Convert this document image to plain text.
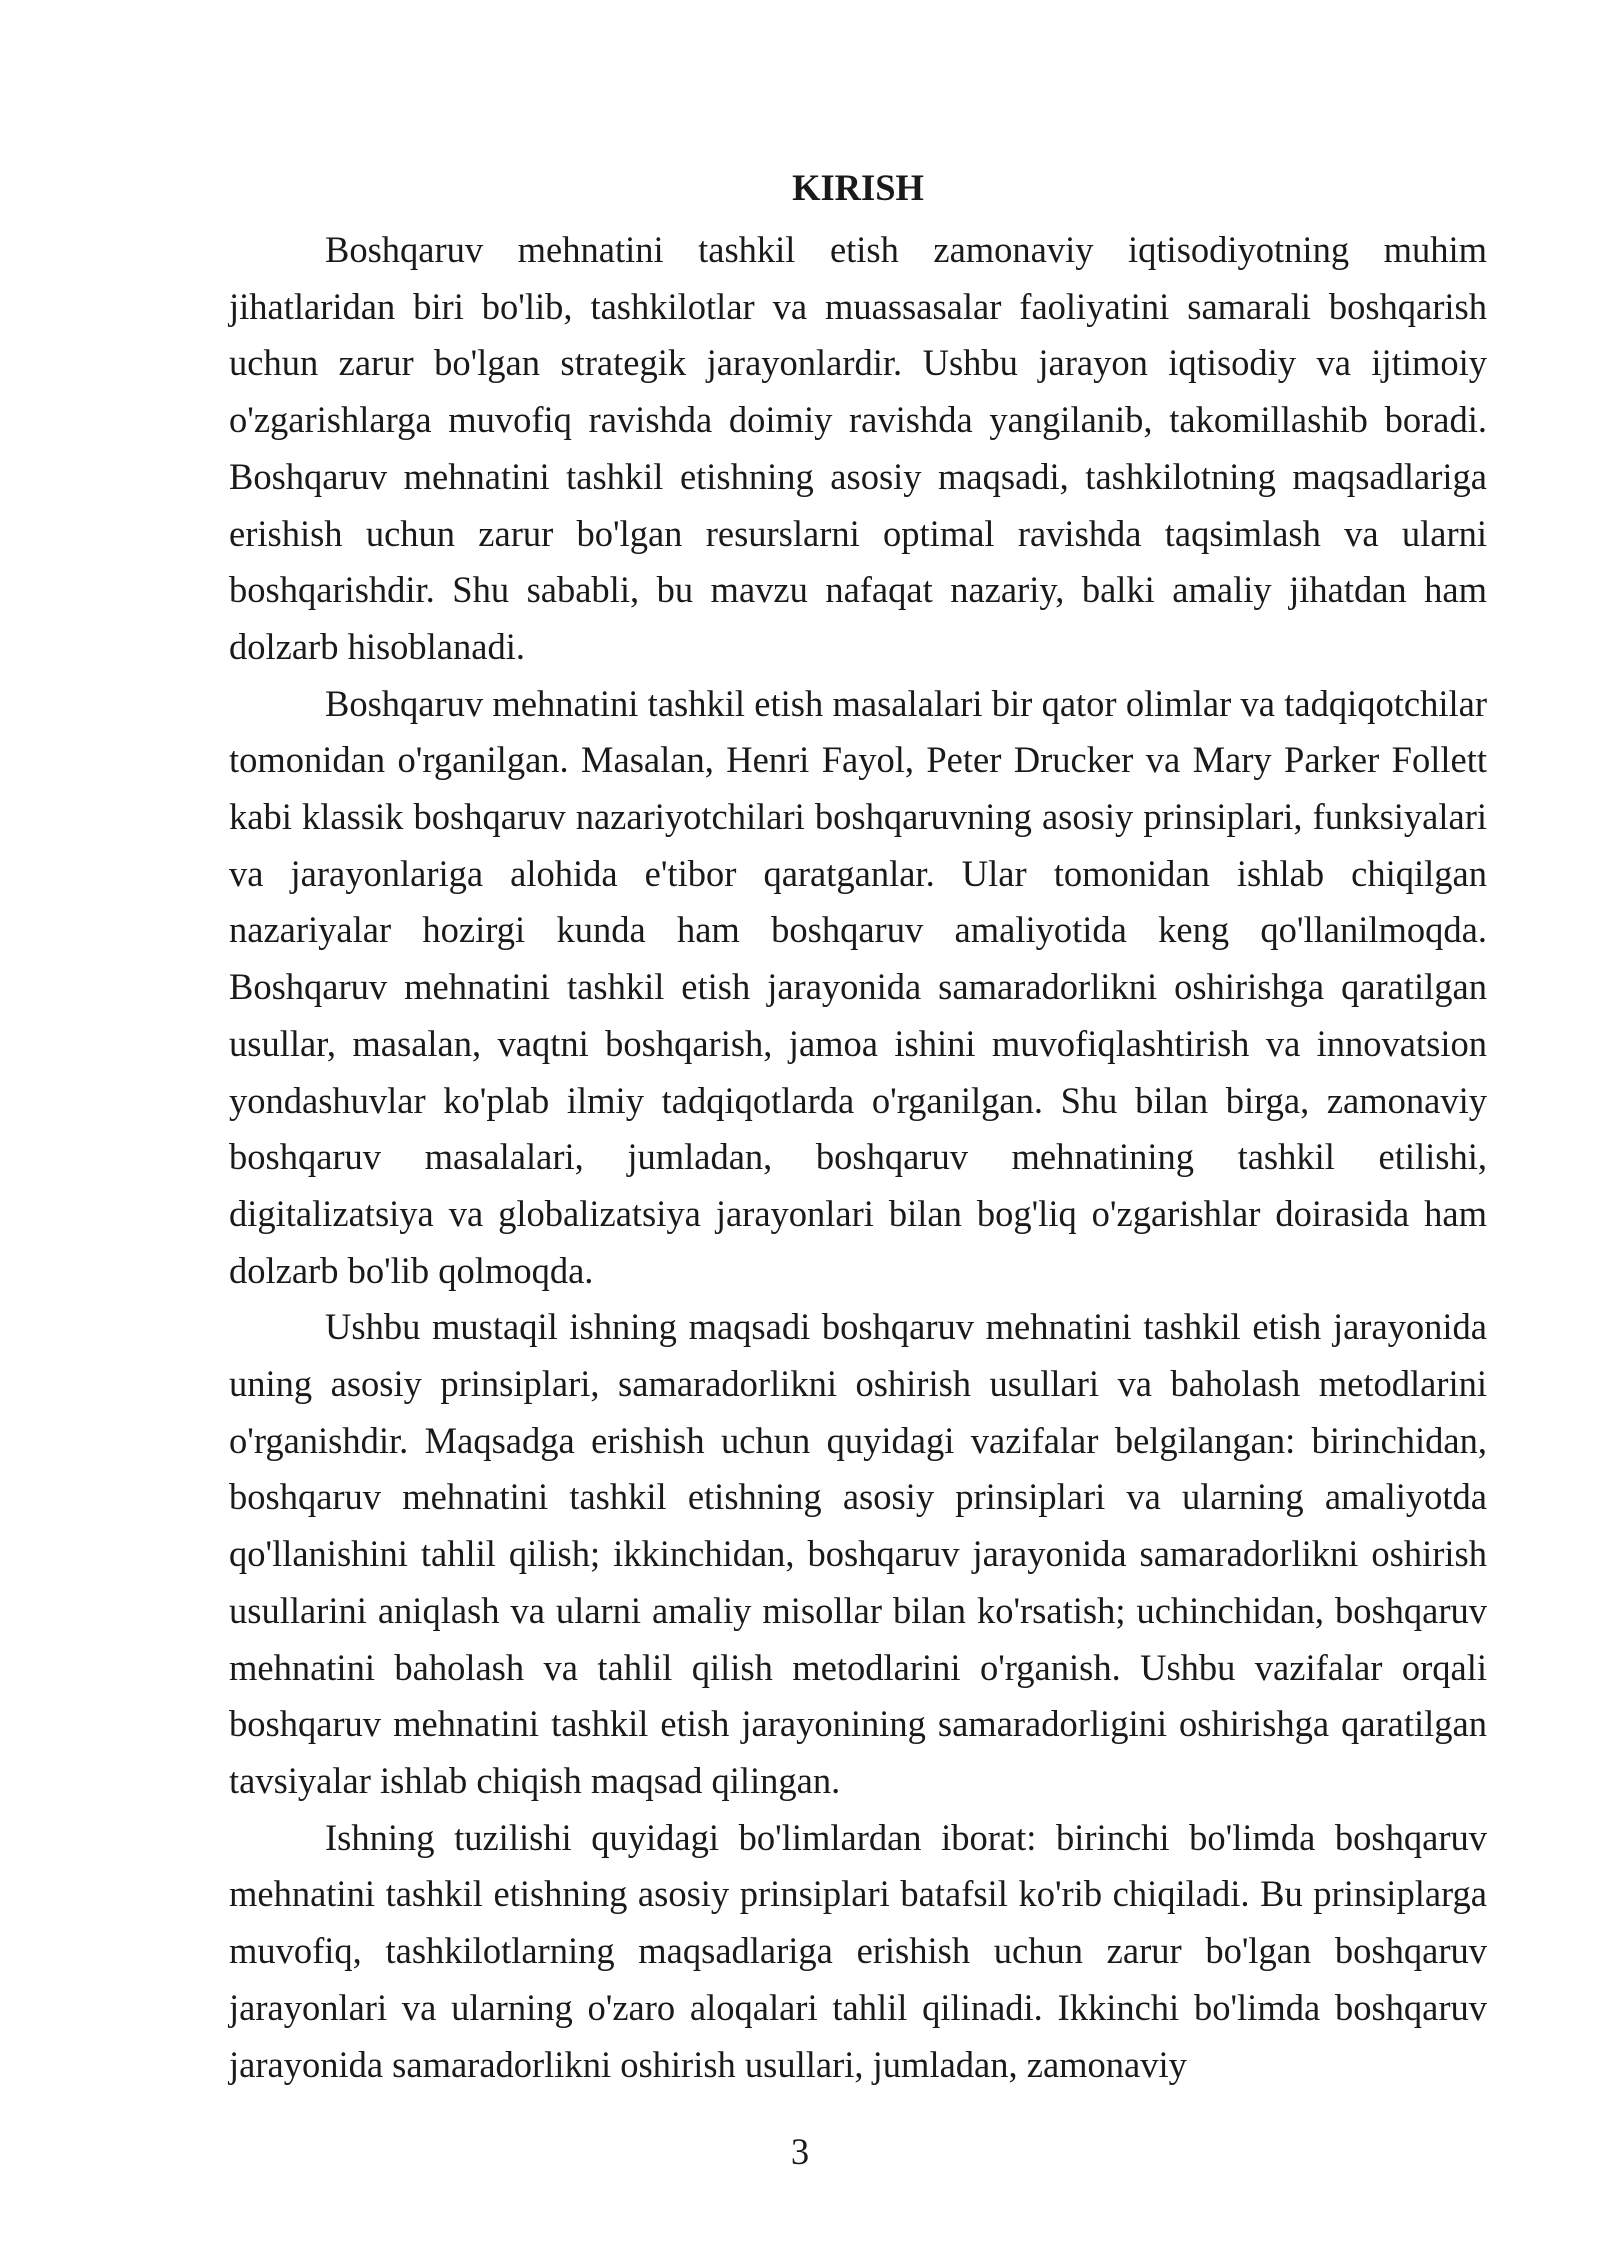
KIRISH

Boshqaruv mehnatini tashkil etish zamonaviy iqtisodiyotning muhim jihatlaridan biri bo'lib, tashkilotlar va muassasalar faoliyatini samarali boshqarish uchun zarur bo'lgan strategik jarayonlardir. Ushbu jarayon iqtisodiy va ijtimoiy o'zgarishlarga muvofiq ravishda doimiy ravishda yangilanib, takomillashib boradi. Boshqaruv mehnatini tashkil etishning asosiy maqsadi, tashkilotning maqsadlariga erishish uchun zarur bo'lgan resurslarni optimal ravishda taqsimlash va ularni boshqarishdir. Shu sababli, bu mavzu nafaqat nazariy, balki amaliy jihatdan ham dolzarb hisoblanadi.

Boshqaruv mehnatini tashkil etish masalalari bir qator olimlar va tadqiqotchilar tomonidan o'rganilgan. Masalan, Henri Fayol, Peter Drucker va Mary Parker Follett kabi klassik boshqaruv nazariyotchilari boshqaruvning asosiy prinsiplari, funksiyalari va jarayonlariga alohida e'tibor qaratganlar. Ular tomonidan ishlab chiqilgan nazariyalar hozirgi kunda ham boshqaruv amaliyotida keng qo'llanilmoqda. Boshqaruv mehnatini tashkil etish jarayonida samaradorlikni oshirishga qaratilgan usullar, masalan, vaqtni boshqarish, jamoa ishini muvofiqlashtirish va innovatsion yondashuvlar ko'plab ilmiy tadqiqotlarda o'rganilgan. Shu bilan birga, zamonaviy boshqaruv masalalari, jumladan, boshqaruv mehnatining tashkil etilishi, digitalizatsiya va globalizatsiya jarayonlari bilan bog'liq o'zgarishlar doirasida ham dolzarb bo'lib qolmoqda.

Ushbu mustaqil ishning maqsadi boshqaruv mehnatini tashkil etish jarayonida uning asosiy prinsiplari, samaradorlikni oshirish usullari va baholash metodlarini o'rganishdir. Maqsadga erishish uchun quyidagi vazifalar belgilangan: birinchidan, boshqaruv mehnatini tashkil etishning asosiy prinsiplari va ularning amaliyotda qo'llanishini tahlil qilish; ikkinchidan, boshqaruv jarayonida samaradorlikni oshirish usullarini aniqlash va ularni amaliy misollar bilan ko'rsatish; uchinchidan, boshqaruv mehnatini baholash va tahlil qilish metodlarini o'rganish. Ushbu vazifalar orqali boshqaruv mehnatini tashkil etish jarayonining samaradorligini oshirishga qaratilgan tavsiyalar ishlab chiqish maqsad qilingan.

Ishning tuzilishi quyidagi bo'limlardan iborat: birinchi bo'limda boshqaruv mehnatini tashkil etishning asosiy prinsiplari batafsil ko'rib chiqiladi. Bu prinsiplarga muvofiq, tashkilotlarning maqsadlariga erishish uchun zarur bo'lgan boshqaruv jarayonlari va ularning o'zaro aloqalari tahlil qilinadi. Ikkinchi bo'limda boshqaruv jarayonida samaradorlikni oshirish usullari, jumladan, zamonaviy

3
